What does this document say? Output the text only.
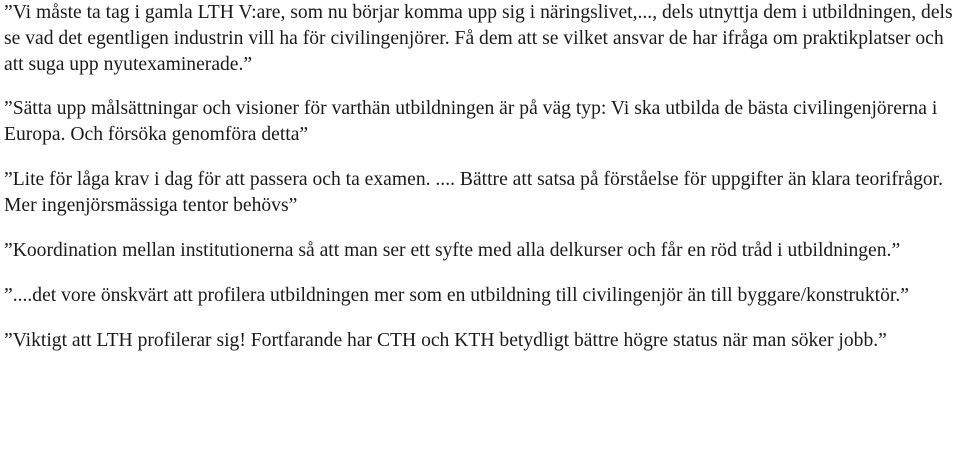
”Vi måste ta tag i gamla LTH V:are, som nu börjar komma upp sig i näringslivet,..., dels utnyttja dem i utbildningen, dels se vad det egentligen industrin vill ha för civilingenjörer. Få dem att se vilket ansvar de har ifråga om praktikplatser och att suga upp nyutexaminerade.”

”Sätta upp målsättningar och visioner för varthän utbildningen är på väg typ: Vi ska utbilda de bästa civilingenjörerna i Europa. Och försöka genomföra detta”

”Lite för låga krav i dag för att passera och ta examen. .... Bättre att satsa på förståelse för uppgifter än klara teorifrågor. Mer ingenjörsmässiga tentor behövs”

”Koordination mellan institutionerna så att man ser ett syfte med alla delkurser och får en röd tråd i utbildningen.”

”....det vore önskvärt att profilera utbildningen mer som en utbildning till civilingenjör än till byggare/konstruktör.”

”Viktigt att LTH profilerar sig! Fortfarande har CTH och KTH betydligt bättre högre status när man söker jobb.”
